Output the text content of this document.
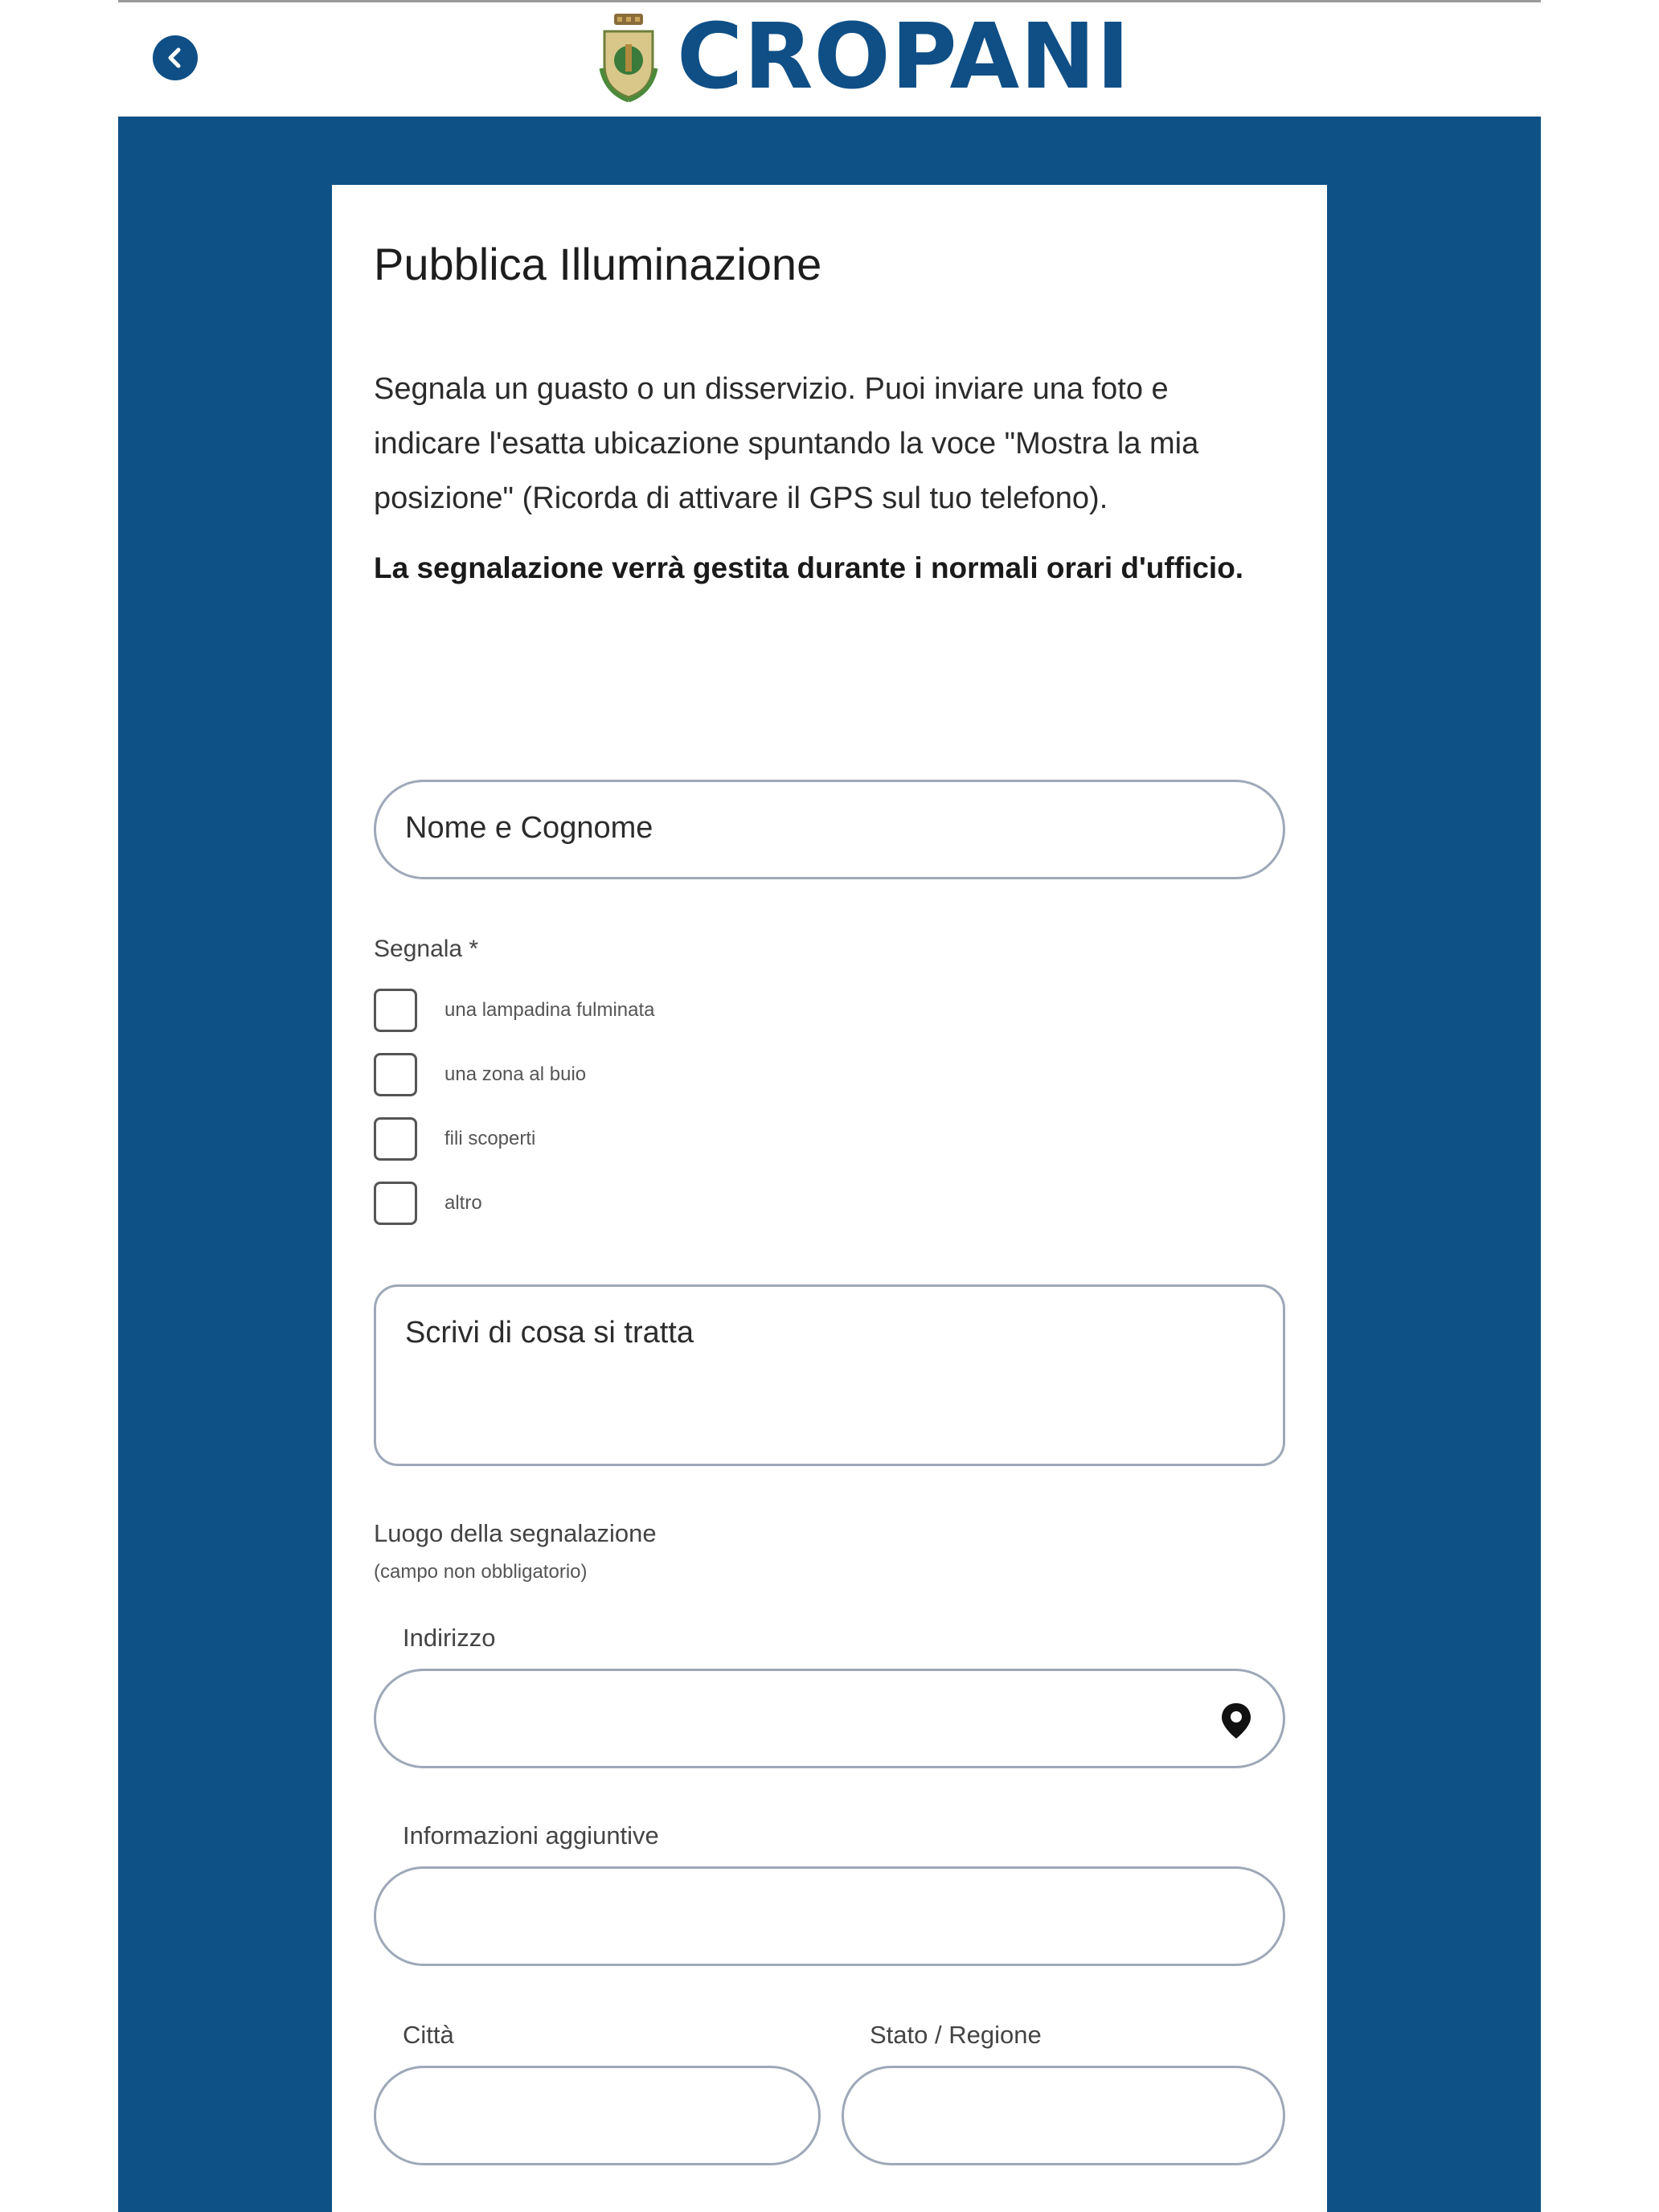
CROPANI
Pubblica Illuminazione
Segnala un guasto o un disservizio. Puoi inviare una foto e indicare l'esatta ubicazione spuntando la voce "Mostra la mia posizione" (Ricorda di attivare il GPS sul tuo telefono).
La segnalazione verrà gestita durante i normali orari d'ufficio.
Nome e Cognome
Segnala *
una lampadina fulminata
una zona al buio
fili scoperti
altro
Scrivi di cosa si tratta
Luogo della segnalazione
(campo non obbligatorio)
Indirizzo
Informazioni aggiuntive
Città	Stato / Regione
